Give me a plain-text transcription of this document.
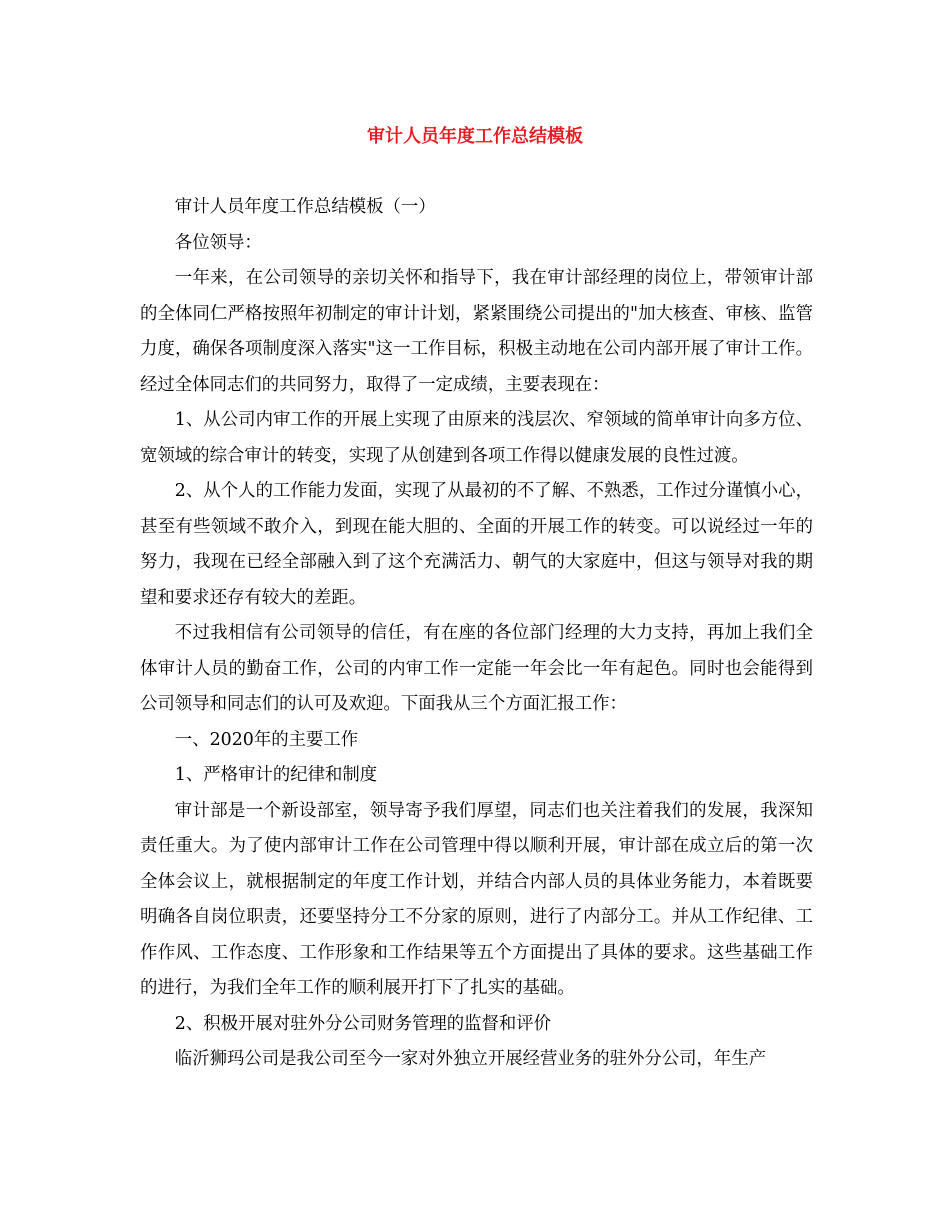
审计人员年度工作总结模板

审计人员年度工作总结模板（一）

各位领导：

一年来，在公司领导的亲切关怀和指导下，我在审计部经理的岗位上，带领审计部的全体同仁严格按照年初制定的审计计划，紧紧围绕公司提出的"加大核查、审核、监管力度，确保各项制度深入落实"这一工作目标，积极主动地在公司内部开展了审计工作。经过全体同志们的共同努力，取得了一定成绩，主要表现在：

1、从公司内审工作的开展上实现了由原来的浅层次、窄领域的简单审计向多方位、宽领域的综合审计的转变，实现了从创建到各项工作得以健康发展的良性过渡。

2、从个人的工作能力发面，实现了从最初的不了解、不熟悉，工作过分谨慎小心，甚至有些领域不敢介入，到现在能大胆的、全面的开展工作的转变。可以说经过一年的努力，我现在已经全部融入到了这个充满活力、朝气的大家庭中，但这与领导对我的期望和要求还存有较大的差距。

不过我相信有公司领导的信任，有在座的各位部门经理的大力支持，再加上我们全体审计人员的勤奋工作，公司的内审工作一定能一年会比一年有起色。同时也会能得到公司领导和同志们的认可及欢迎。下面我从三个方面汇报工作：

一、2020年的主要工作

1、严格审计的纪律和制度

审计部是一个新设部室，领导寄予我们厚望，同志们也关注着我们的发展，我深知责任重大。为了使内部审计工作在公司管理中得以顺利开展，审计部在成立后的第一次全体会议上，就根据制定的年度工作计划，并结合内部人员的具体业务能力，本着既要明确各自岗位职责，还要坚持分工不分家的原则，进行了内部分工。并从工作纪律、工作作风、工作态度、工作形象和工作结果等五个方面提出了具体的要求。这些基础工作的进行，为我们全年工作的顺利展开打下了扎实的基础。

2、积极开展对驻外分公司财务管理的监督和评价

临沂狮玛公司是我公司至今一家对外独立开展经营业务的驻外分公司，年生产
